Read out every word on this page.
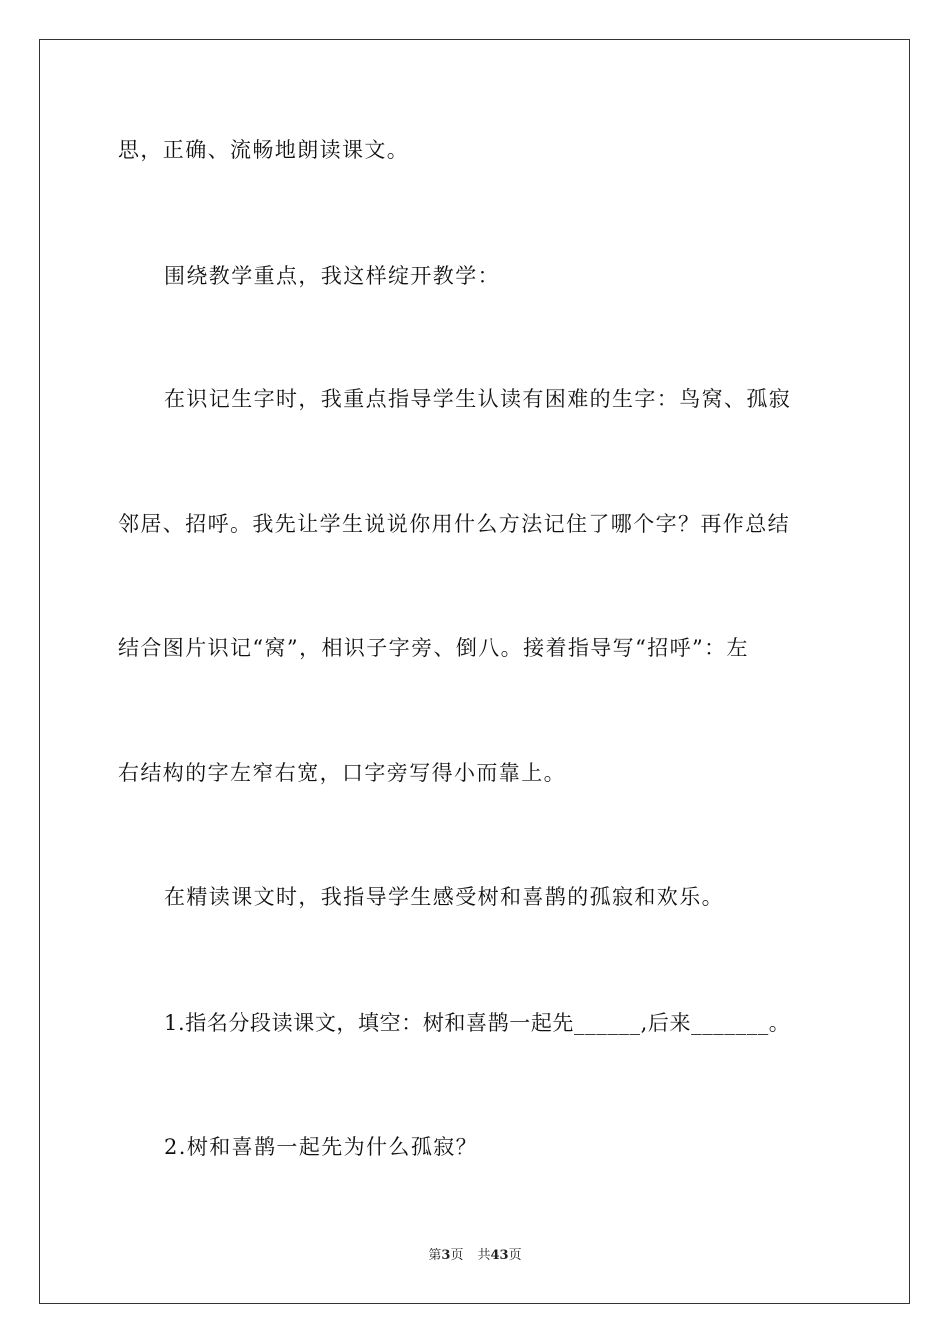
思，正确、流畅地朗读课文。
围绕教学重点，我这样绽开教学：
在识记生字时，我重点指导学生认读有困难的生字：鸟窝、孤寂
邻居、招呼。我先让学生说说你用什么方法记住了哪个字？再作总结
结合图片识记“窝”，相识子字旁、倒八。接着指导写“招呼”：左
右结构的字左窄右宽，口字旁写得小而靠上。
在精读课文时，我指导学生感受树和喜鹊的孤寂和欢乐。
1.指名分段读课文，填空：树和喜鹊一起先______,后来_______。
2.树和喜鹊一起先为什么孤寂？
第3页 共43页
